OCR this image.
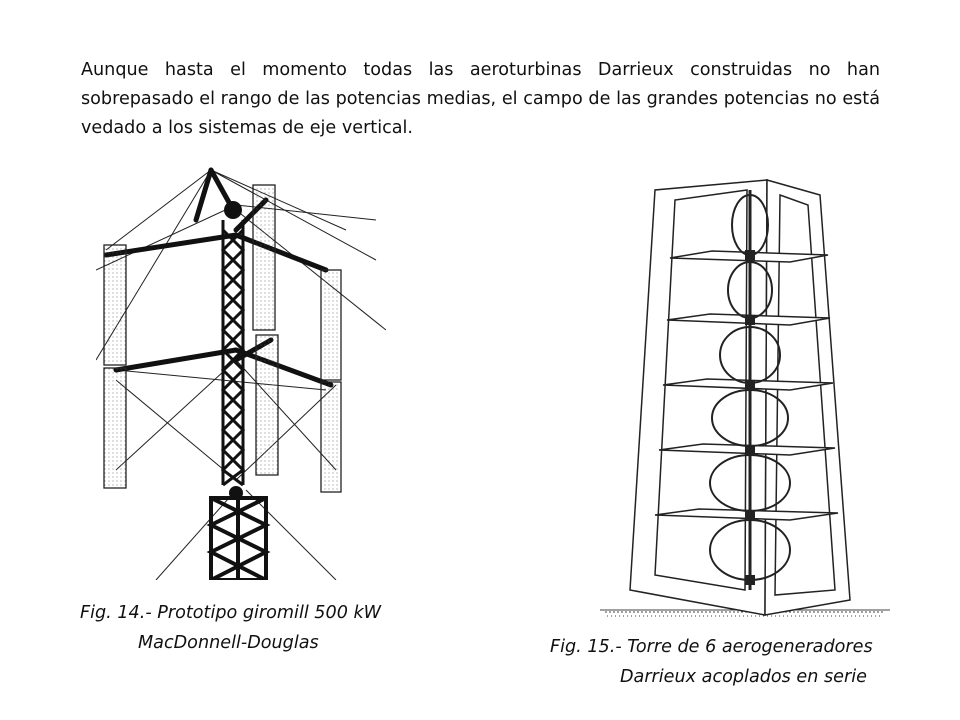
Aunque hasta el momento todas las aeroturbinas Darrieux construidas no han sobrepasado el rango de las potencias medias, el campo de las grandes potencias no está vedado a los sistemas de eje vertical.

Fig. 14.- Prototipo giromill 500 kW
MacDonnell-Douglas	Fig. 15.- Torre de 6 aerogeneradores
Darrieux acoplados en serie
